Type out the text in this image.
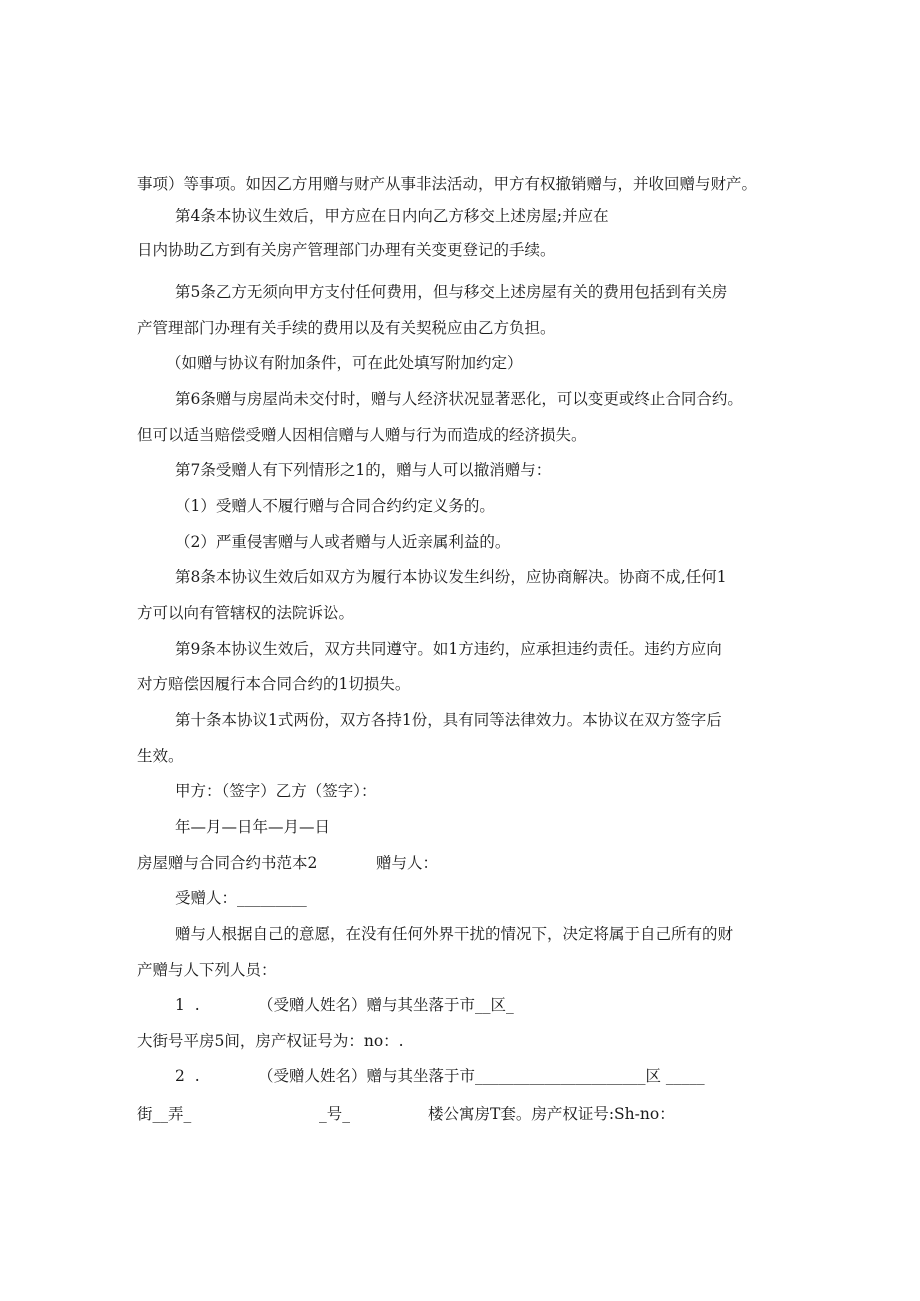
事项）等事项。如因乙方用赠与财产从事非法活动，甲方有权撤销赠与，并收回赠与财产。
第4条本协议生效后，甲方应在日内向乙方移交上述房屋;并应在
日内协助乙方到有关房产管理部门办理有关变更登记的手续。
第5条乙方无须向甲方支付任何费用，但与移交上述房屋有关的费用包括到有关房
产管理部门办理有关手续的费用以及有关契税应由乙方负担。
（如赠与协议有附加条件，可在此处填写附加约定）
第6条赠与房屋尚未交付时，赠与人经济状况显著恶化，可以变更或终止合同合约。
但可以适当赔偿受赠人因相信赠与人赠与行为而造成的经济损失。
第7条受赠人有下列情形之1的，赠与人可以撤消赠与：
（1）受赠人不履行赠与合同合约约定义务的。
（2）严重侵害赠与人或者赠与人近亲属利益的。
第8条本协议生效后如双方为履行本协议发生纠纷，应协商解决。协商不成,任何1
方可以向有管辖权的法院诉讼。
第9条本协议生效后，双方共同遵守。如1方违约，应承担违约责任。违约方应向
对方赔偿因履行本合同合约的1切损失。
第十条本协议1式两份，双方各持1份，具有同等法律效力。本协议在双方签字后
生效。
甲方：（签字）乙方（签字）：
年—月—日年—月—日
房屋赠与合同合约书范本2	赠与人：
受赠人：_________
赠与人根据自己的意愿，在没有任何外界干扰的情况下，决定将属于自己所有的财
产赠与人下列人员：
1  .	（受赠人姓名）赠与其坐落于市__区_
大街号平房5间，房产权证号为：no：.
2  .	（受赠人姓名）赠与其坐落于市______________________区 _____
街__弄_	_号_	楼公寓房T套。房产权证号:Sh-no：
